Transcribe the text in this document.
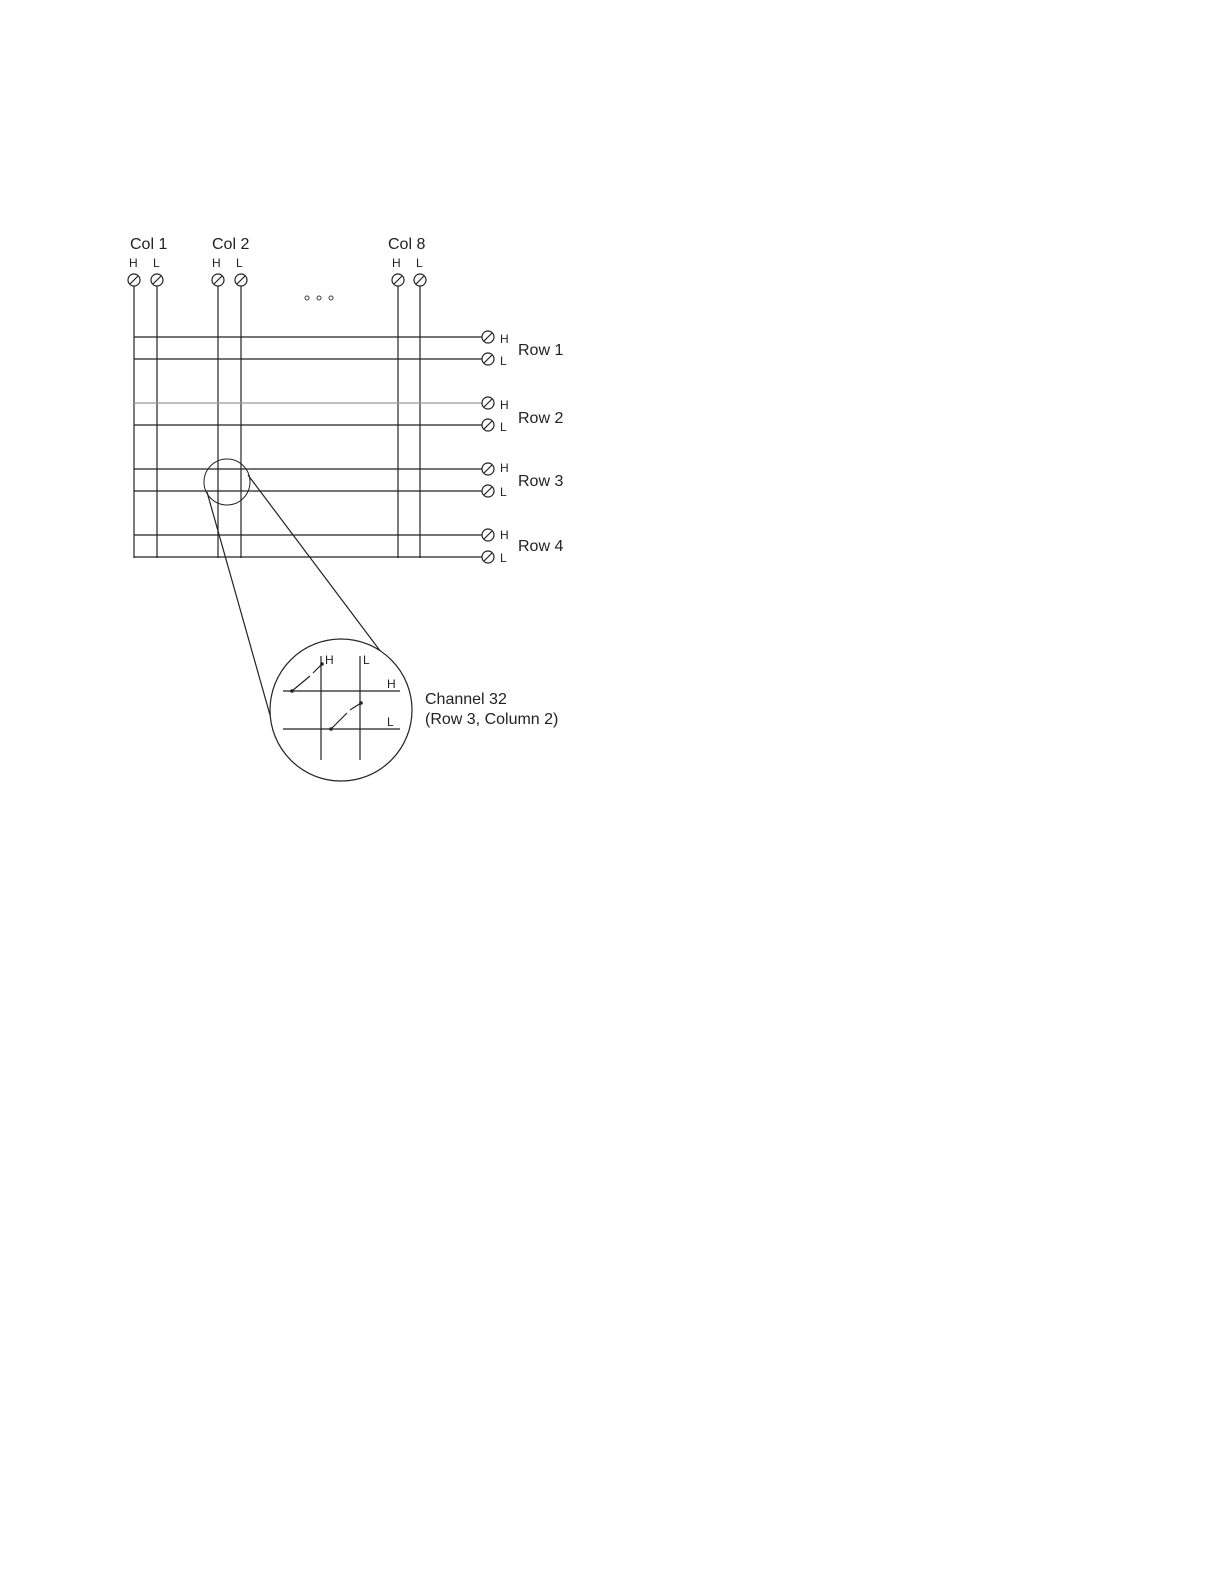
Col 1	Col 2	Col 8
H L	H L	H L
H
L
H
L
H
L
H
L
Row 1
Row 2
Row 3
Row 4
H L
H
L
Channel 32
(Row 3, Column 2)
